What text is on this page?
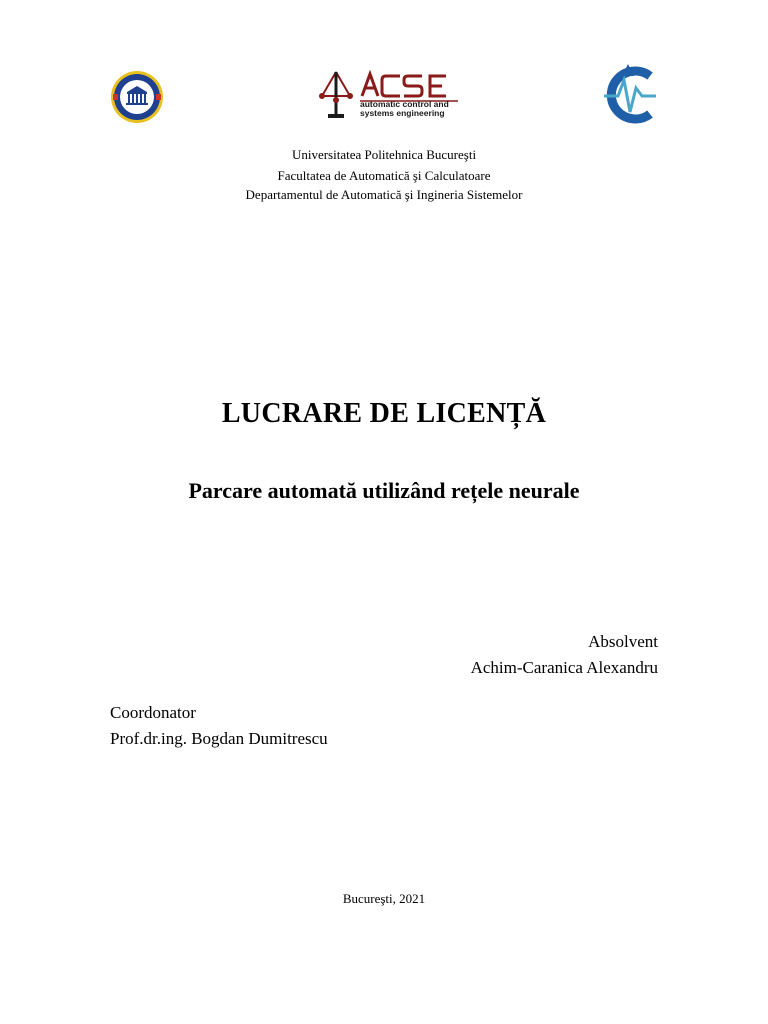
automatic control and systems engineering
Universitatea Politehnica Bucureşti
Facultatea de Automatică şi Calculatoare
Departamentul de Automatică şi Ingineria Sistemelor
LUCRARE DE LICENȚĂ
Parcare automată utilizând rețele neurale
Absolvent
Achim-Caranica Alexandru
Coordonator
Prof.dr.ing. Bogdan Dumitrescu
Bucureşti, 2021
